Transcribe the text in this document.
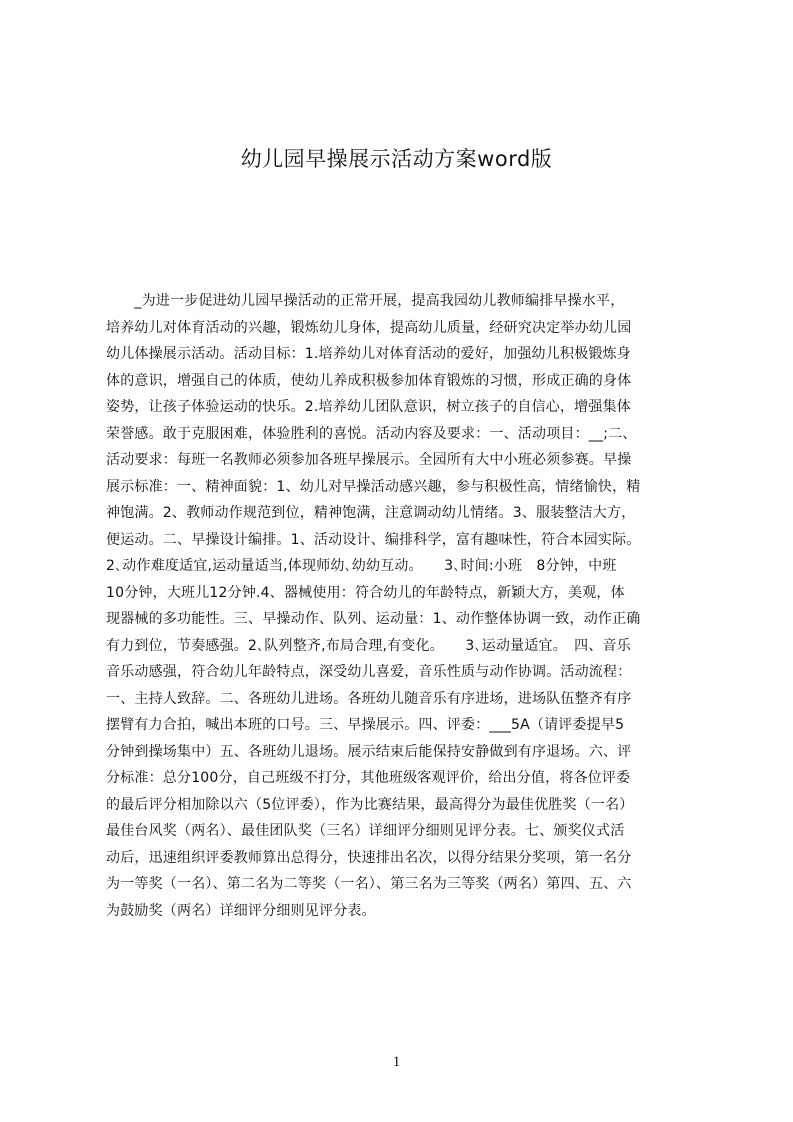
幼儿园早操展示活动方案word版
　　_为进一步促进幼儿园早操活动的正常开展，提高我园幼儿教师编排早操水平，
培养幼儿对体育活动的兴趣，锻炼幼儿身体，提高幼儿质量，经研究决定举办幼儿园
幼儿体操展示活动。活动目标：1.培养幼儿对体育活动的爱好，加强幼儿积极锻炼身
体的意识，增强自己的体质，使幼儿养成积极参加体育锻炼的习惯，形成正确的身体
姿势，让孩子体验运动的快乐。2.培养幼儿团队意识，树立孩子的自信心，增强集体
荣誉感。敢于克服困难，体验胜利的喜悦。活动内容及要求：一、活动项目：__;二、
活动要求：每班一名教师必须参加各班早操展示。全园所有大中小班必须参赛。早操
展示标准：一、精神面貌：1、幼儿对早操活动感兴趣，参与积极性高，情绪愉快，精
神饱满。2、教师动作规范到位，精神饱满，注意调动幼儿情绪。3、服装整洁大方，
便运动。二、早操设计编排。1、活动设计、编排科学，富有趣味性，符合本园实际。
2､动作难度适宜,运动量适当,体现师幼､幼幼互动。　　3､时间:小班　8分钟，中班
10分钟，大班儿12分钟.4、器械使用：符合幼儿的年龄特点，新颖大方，美观，体
现器械的多功能性。三、早操动作、队列、运动量：1、动作整体协调一致，动作正确
有力到位，节奏感强。2､队列整齐,布局合理,有变化。　　3､运动量适宜。　四、音乐
音乐动感强，符合幼儿年龄特点，深受幼儿喜爱，音乐性质与动作协调。活动流程：
一、主持人致辞。二、各班幼儿进场。各班幼儿随音乐有序进场，进场队伍整齐有序
摆臂有力合拍，喊出本班的口号。三、早操展示。四、评委：___5A（请评委提早5
分钟到操场集中）五、各班幼儿退场。展示结束后能保持安静做到有序退场。六、评
分标准：总分100分，自己班级不打分，其他班级客观评价，给出分值，将各位评委
的最后评分相加除以六（5位评委），作为比赛结果，最高得分为最佳优胜奖（一名）
最佳台风奖（两名）、最佳团队奖（三名）详细评分细则见评分表。七、颁奖仪式活
动后，迅速组织评委教师算出总得分，快速排出名次，以得分结果分奖项，第一名分
为一等奖（一名）、第二名为二等奖（一名）、第三名为三等奖（两名）第四、五、六
为鼓励奖（两名）详细评分细则见评分表。
1
